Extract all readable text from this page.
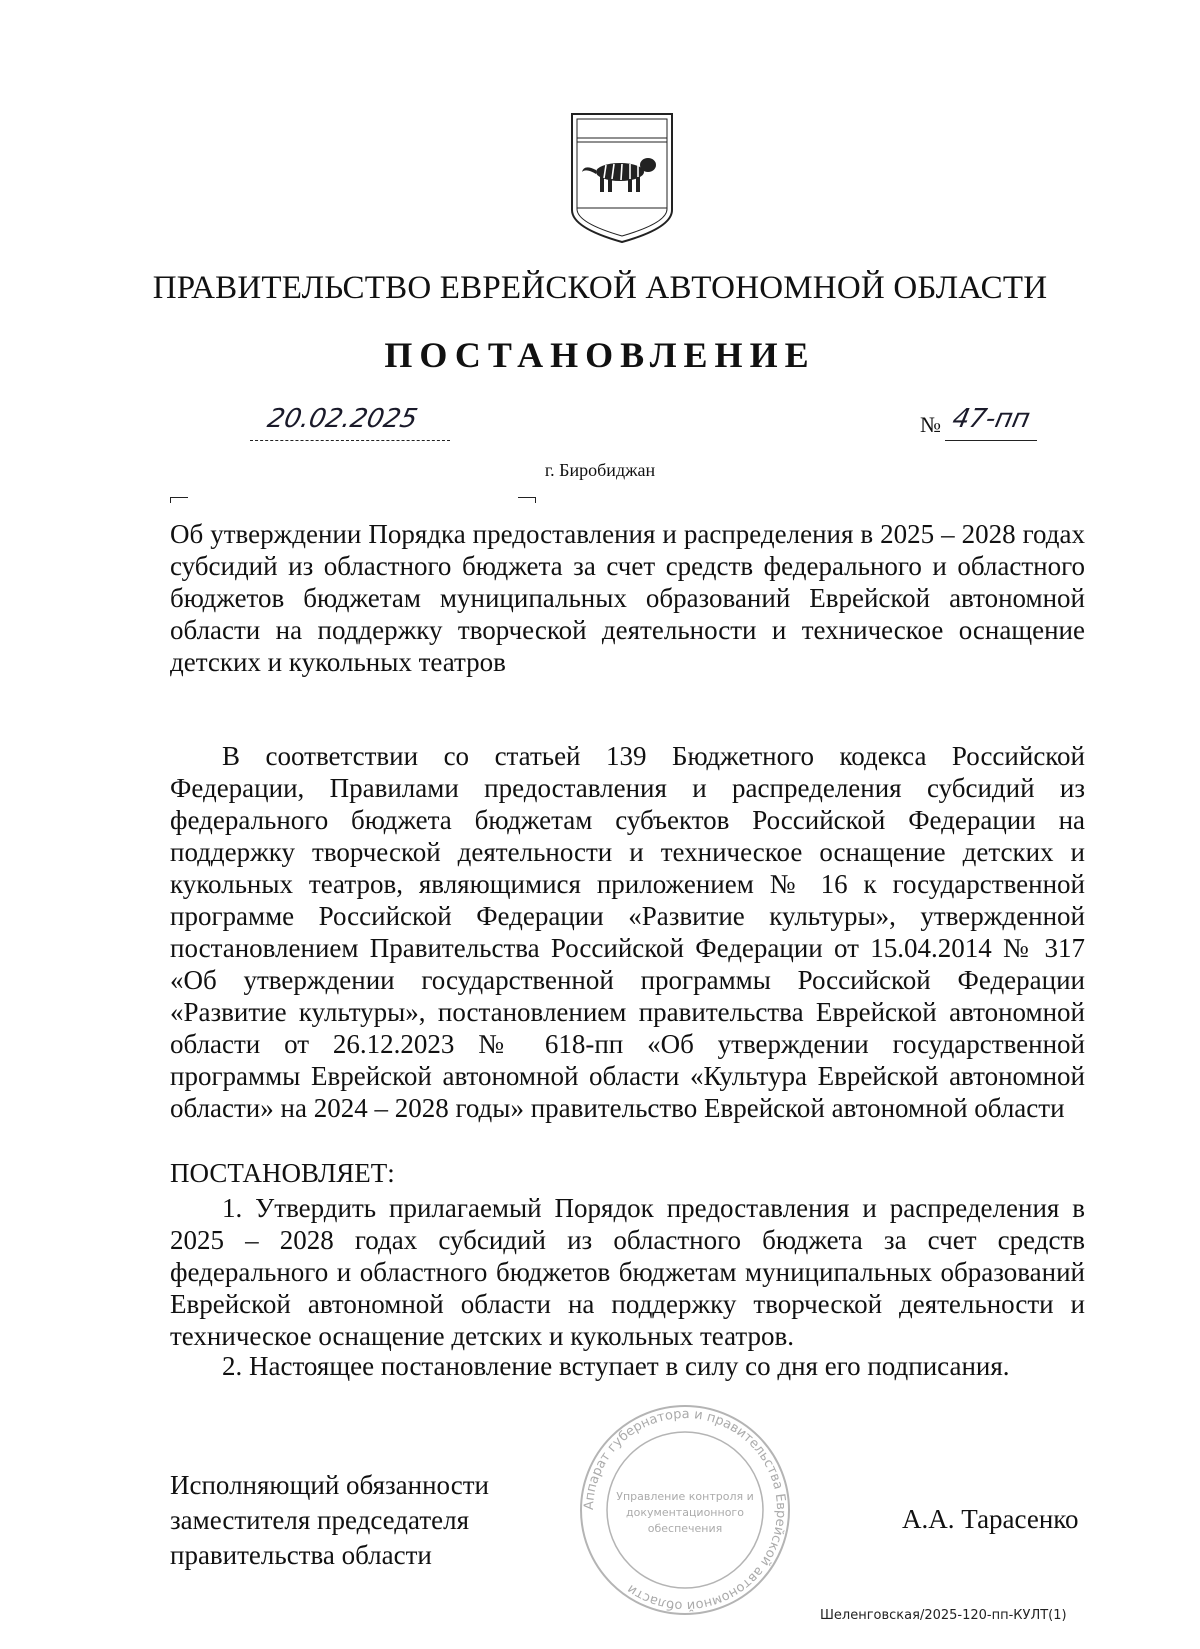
ПРАВИТЕЛЬСТВО ЕВРЕЙСКОЙ АВТОНОМНОЙ ОБЛАСТИ
ПОСТАНОВЛЕНИЕ
20.02.2025	№ 47-пп
г. Биробиджан

Об утверждении Порядка предоставления и распределения в 2025 – 2028 годах субсидий из областного бюджета за счет средств федерального и областного бюджетов бюджетам муниципальных образований Еврейской автономной области на поддержку творческой деятельности и техническое оснащение детских и кукольных театров

В соответствии со статьей 139 Бюджетного кодекса Российской Федерации, Правилами предоставления и распределения субсидий из федерального бюджета бюджетам субъектов Российской Федерации на поддержку творческой деятельности и техническое оснащение детских и кукольных театров, являющимися приложением № 16 к государственной программе Российской Федерации «Развитие культуры», утвержденной постановлением Правительства Российской Федерации от 15.04.2014 № 317 «Об утверждении государственной программы Российской Федерации «Развитие культуры», постановлением правительства Еврейской автономной области от 26.12.2023 № 618-пп «Об утверждении государственной программы Еврейской автономной области «Культура Еврейской автономной области» на 2024 – 2028 годы» правительство Еврейской автономной области

ПОСТАНОВЛЯЕТ:

1. Утвердить прилагаемый Порядок предоставления и распределения в 2025 – 2028 годах субсидий из областного бюджета за счет средств федерального и областного бюджетов бюджетам муниципальных образований Еврейской автономной области на поддержку творческой деятельности и техническое оснащение детских и кукольных театров.

2. Настоящее постановление вступает в силу со дня его подписания.

Аппарат губернатора и правительства Еврейской автономной области
Управление контроля и
документационного
обеспечения
Исполняющий обязанности
заместителя председателя
правительства области
А.А. Тарасенко
Шеленговская/2025-120-пп-КУЛТ(1)
